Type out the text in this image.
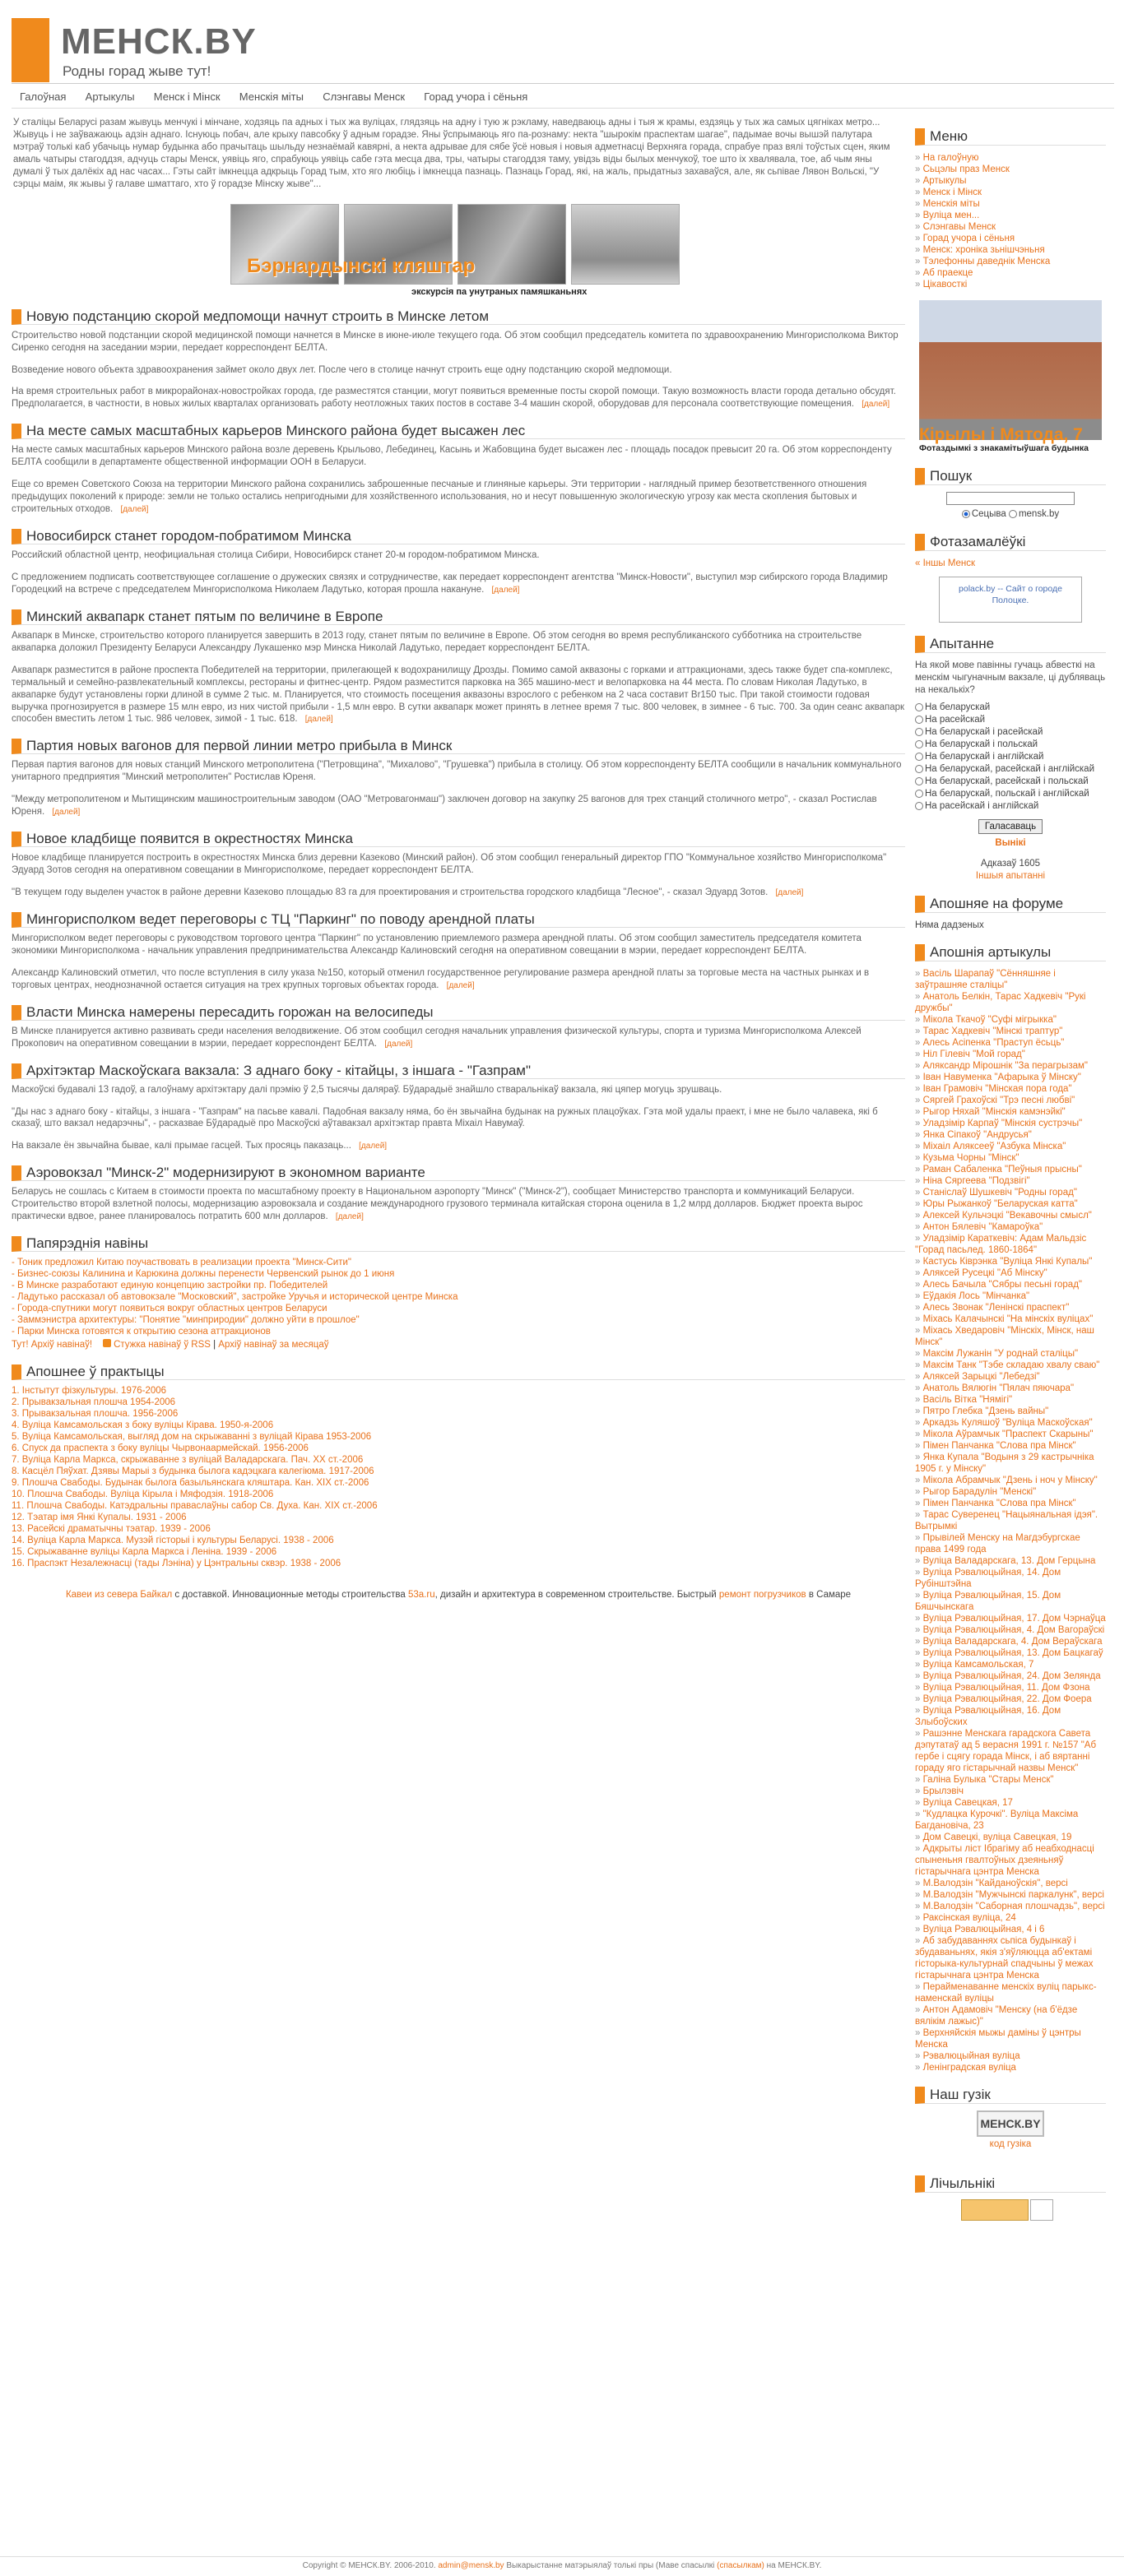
МЕНСК.BY
Родны горад жыве тут!
Галоўная Артыкулы Менск і Мінск Менскія міты Слэнгавы Менск Горад учора і сёньня

У сталіцы Беларусі разам жывуць менчукі і мінчане, ходзяць па адных і тых жа вуліцах, глядзяць на адну і тую ж рэкламу, наведваюць адны і тыя ж крамы, ездзяць у тых жа самых цягніках метро... Жывуць і не заўважаюць адзін аднаго. Існуюць побач, але крыху павсобку ў адным горадзе. Яны ўспрымаюць яго па-рознаму: некта "шырокім праспектам шагае", падымае вочы вышэй палутара мэтраў толькі каб убачыць нумар будынка або прачытаць шыльду незнаёмай кавярні, а некта адрывае для сябе ўсё новыя і новыя адметнасці Верхняга горада, спрабуе праз вялі тоўстых сцен, яким амаль чатыры стагоддзя, адчуць стары Менск, уявіць яго, спрабуюць уявіць сабе гэта месца два, тры, чатыры стагоддзя таму, увідзь віды былых менчукоў, тое што іх хвалявала, тое, аб чым яны думалі ў тых далёкіх ад нас часах... Гэты сайт імкнецца адкрыць Горад тым, хто яго любіць і імкнецца пазнаць. Пазнаць Горад, які, на жаль, прыдатныз захаваўся, але, як сьпівае Лявон Вольскі, "У сэрцы маім, як жывы ў галаве шматтаго, хто ў горадзе Мінску жыве"...

Бэрнардынскі кляштар
экскурсія па унутраных памяшканьнях
Новую подстанцию скорой медпомощи начнут строить в Минске летом

Строительство новой подстанции скорой медицинской помощи начнется в Минске в июне-июле текущего года. Об этом сообщил председатель комитета по здравоохранению Мингорисполкома Виктор Сиренко сегодня на заседании мэрии, передает корреспондент БЕЛТА.

Возведение нового объекта здравоохранения займет около двух лет. После чего в столице начнут строить еще одну подстанцию скорой медпомощи.

На время строительных работ в микрорайонах-новостройках города, где разместятся станции, могут появиться временные посты скорой помощи. Такую возможность власти города детально обсудят. Предполагается, в частности, в новых жилых кварталах организовать работу неотложных таких постов в составе 3-4 машин скорой, оборудовав для персонала соответствующие помещения. [далей]

На месте самых масштабных карьеров Минского района будет высажен лес

На месте самых масштабных карьеров Минского района возле деревень Крыльово, Лебединец, Касынь и Жабовщина будет высажен лес - площадь посадок превысит 20 га. Об этом корреспонденту БЕЛТА сообщили в департаменте общественной информации ООН в Беларуси.

Еще со времен Советского Союза на территории Минского района сохранились заброшенные песчаные и глиняные карьеры. Эти территории - наглядный пример безответственного отношения предыдущих поколений к природе: земли не только остались непригодными для хозяйственного использования, но и несут повышенную экологическую угрозу как места скопления бытовых и строительных отходов. [далей]

Новосибирск станет городом-побратимом Минска

Российский областной центр, неофициальная столица Сибири, Новосибирск станет 20-м городом-побратимом Минска.

С предложением подписать соответствующее соглашение о дружеских связях и сотрудничестве, как передает корреспондент агентства "Минск-Новости", выступил мэр сибирского города Владимир Городецкий на встрече с председателем Мингорисполкома Николаем Ладутько, которая прошла накануне. [далей]

Минский аквапарк станет пятым по величине в Европе

Аквапарк в Минске, строительство которого планируется завершить в 2013 году, станет пятым по величине в Европе. Об этом сегодня во время республиканского субботника на строительстве аквапарка доложил Президенту Беларуси Александру Лукашенко мэр Минска Николай Ладутько, передает корреспондент БЕЛТА.

Аквапарк разместится в районе проспекта Победителей на территории, прилегающей к водохранилищу Дрозды. Помимо самой аквазоны с горками и аттракционами, здесь также будет спа-комплекс, термальный и семейно-развлекательный комплексы, рестораны и фитнес-центр. Рядом разместится парковка на 365 машино-мест и велопарковка на 44 места. По словам Николая Ладутько, в аквапарке будут установлены горки длиной в сумме 2 тыс. м. Планируется, что стоимость посещения аквазоны взрослого с ребенком на 2 часа составит Br150 тыс. При такой стоимости годовая выручка прогнозируется в размере 15 млн евро, из них чистой прибыли - 1,5 млн евро. В сутки аквапарк может принять в летнее время 7 тыс. 800 человек, в зимнее - 6 тыс. 700. За один сеанс аквапарк способен вместить летом 1 тыс. 986 человек, зимой - 1 тыс. 618. [далей]

Партия новых вагонов для первой линии метро прибыла в Минск

Первая партия вагонов для новых станций Минского метрополитена ("Петровщина", "Михалово", "Грушевка") прибыла в столицу. Об этом корреспонденту БЕЛТА сообщили в начальник коммунального унитарного предприятия "Минский метрополитен" Ростислав Юреня.

"Между метрополитеном и Мытищинским машиностроительным заводом (ОАО "Метровагонмаш") заключен договор на закупку 25 вагонов для трех станций столичного метро", - сказал Ростислав Юреня. [далей]

Новое кладбище появится в окрестностях Минска

Новое кладбище планируется построить в окрестностях Минска близ деревни Казеково (Минский район). Об этом сообщил генеральный директор ГПО "Коммунальное хозяйство Мингорисполкома" Эдуард Зотов сегодня на оперативном совещании в Мингорисполкоме, передает корреспондент БЕЛТА.

"В текущем году выделен участок в районе деревни Казеково площадью 83 га для проектирования и строительства городского кладбища "Лесное", - сказал Эдуард Зотов. [далей]

Мингорисполком ведет переговоры с ТЦ "Паркинг" по поводу арендной платы

Мингорисполком ведет переговоры с руководством торгового центра "Паркинг" по установлению приемлемого размера арендной платы. Об этом сообщил заместитель председателя комитета экономики Мингорисполкома - начальник управления предпринимательства Александр Калиновский сегодня на оперативном совещании в мэрии, передает корреспондент БЕЛТА.

Александр Калиновский отметил, что после вступления в силу указа №150, который отменил государственное регулирование размера арендной платы за торговые места на частных рынках и в торговых центрах, неоднозначной остается ситуация на трех крупных торговых объектах города. [далей]

Власти Минска намерены пересадить горожан на велосипеды

В Минске планируется активно развивать среди населения велодвижение. Об этом сообщил сегодня начальник управления физической культуры, спорта и туризма Мингорисполкома Алексей Прокопович на оперативном совещании в мэрии, передает корреспондент БЕЛТА. [далей]

Архітэктар Маскоўскага вакзала: З аднаго боку - кітайцы, з іншага - "Газпрам"

Маскоўскі будавалі 13 гадоў, а галоўнаму архітэктару далі прэмію ў 2,5 тысячы даляраў. Бўдарадыё знайшло стваральнікаў вакзала, які цяпер могуць зрушваць.

"Ды нас з аднаго боку - кітайцы, з іншага - "Газпрам" на пасьве кавалі. Падобная вакзалу няма, бо ён звычайна будынак на ружных плацоўках. Гэта мой удалы праект, і мне не было чалавека, які б сказаў, што вакзал недарэчны", - расказвае Бўдарадыё про Маскоўскі аўтавакзал архітэктар правта Міхаіл Навумаў.

На вакзале ён звычайна бывае, калі прымае гасцей. Тых просяць паказаць... [далей]

Аэровокзал "Минск-2" модернизируют в экономном варианте

Беларусь не сошлась с Китаем в стоимости проекта по масштабному проекту в Национальном аэропорту "Минск" ("Минск-2"), сообщает Министерство транспорта и коммуникаций Беларуси. Строительство второй взлетной полосы, модернизацию аэровокзала и создание международного грузового терминала китайская сторона оценила в 1,2 млрд долларов. Бюджет проекта вырос практически вдвое, ранее планировалось потратить 600 млн долларов. [далей]

Папярэднія навіны
- Тоник предложил Китаю поучаствовать в реализации проекта "Минск-Сити"
- Бизнес-союзы Калинина и Карюкина должны перенести Червенский рынок до 1 июня
- В Минске разработают единую концепцию застройки пр. Победителей
- Ладутько рассказал об автовокзале "Московский", застройке Уручья и исторической центре Минска
- Города-спутники могут появиться вокруг областных центров Беларуси
- Заммэнистра архитектуры: "Понятие "минприродии" должно уйти в прошлое"
- Парки Минска готовятся к открытию сезона аттракционов
Тут! Архіў навінаў! Стужка навінаў ў RSS | Архіў навінаў за месяцаў
Апошнее ў практыцы
1. Інстытут фізкультуры. 1976-2006
2. Прывакзальная плошча 1954-2006
3. Прывакзальная плошча. 1956-2006
4. Вуліца Камсамольская з боку вуліцы Кірава. 1950-я-2006
5. Вуліца Камсамольская, выгляд дом на скрыжаванні з вуліцай Кірава 1953-2006
6. Спуск да праспекта з боку вуліцы Чырвонаармейскай. 1956-2006
7. Вуліца Карла Маркса, скрыжаванне з вуліцай Валадарскага. Пач. ХХ ст.-2006
8. Касцёл Пяўхат. Дзявы Марыі з будынка былога кадэцкага калегіюма. 1917-2006
9. Плошча Свабоды. Будынак былога базыльянскага кляштара. Кан. XIX ст.-2006
10. Плошча Свабоды. Вуліца Кірыла і Мяфодзія. 1918-2006
11. Плошча Свабоды. Катэдральны праваслаўны сабор Св. Духа. Кан. XIX ст.-2006
12. Тэатар імя Янкі Купалы. 1931 - 2006
13. Расейскі драматычны тэатар. 1939 - 2006
14. Вуліца Карла Маркса. Музэй гісторыі і культуры Беларусі. 1938 - 2006
15. Скрыжаванне вуліцы Карла Маркса і Леніна. 1939 - 2006
16. Праспэкт Незалежнасці (тады Лэніна) у Цэнтральны сквэр. 1938 - 2006
Кавеи из севера Байкал с доставкой. Инновационные методы строительства 53a.ru, дизайн и архитектура в современном строительстве. Быстрый ремонт погрузчиков в Самаре
Меню
» На галоўную
» Сьцэлы праз Менск
» Артыкулы
» Менск і Мінск
» Менскія міты
» Вуліца мен...
» Слэнгавы Менск
» Горад учора і сёньня
» Менск: хроніка зьнішчэньня
» Тэлефонны даведнік Менска
» Аб праекце
» Цікавосткі
Кірылы і Мятода, 7
Фотаздымкі з знакамітыўшага будынка
Пошук
Сецыва mensk.by
Фотазамалёўкі
« Іншы Менск
polack.by -- Сайт о городе Полоцке.
Апытанне
На якой мове павінны гучаць абвесткі на менскім чыгуначным вакзале, ці дубляваць на некалькіх?
На беларускай
На расейскай
На беларускай і расейскай
На беларускай і польскай
На беларускай і англійскай
На беларускай, расейскай і англійскай
На беларускай, расейскай і польскай
На беларускай, польскай і англійскай
На расейскай і англійскай
Галасаваць
Вынікі
Адказаў 1605
Іншыя апытанні
Апошняе на форуме
Няма дадзеных
Апошнія артыкулы
» Васіль Шарапаў "Сённяшняе і заўтрашняе сталіцы"
» Анатоль Белкін, Тарас Хадкевіч "Рукі дружбы"
» Мікола Ткачоў "Суфі мігрыкка"
» Тарас Хадкевіч "Мінскі траптур"
» Алесь Асіпенка "Праступ ёсьць"
» Ніл Гілевіч "Мой горад"
» Аляксандр Мірошнік "За перагрызам"
» Іван Навуменка "Афарыка ў Мінску"
» Іван Грамовіч "Мінская пора года"
» Сяргей Грахоўскі "Трэ песні любві"
» Рыгор Няхай "Мінскія камэнэйкі"
» Уладзімір Карпаў "Мінскія сустрэчы"
» Янка Сіпакоў "Андрусья"
» Міхаіл Аляксееў "Азбука Мінска"
» Кузьма Чорны "Мінск"
» Раман Сабаленка "Пеўныя прысны"
» Ніна Сяргеева "Подзвігі"
» Станіслаў Шушкевіч "Родны горад"
» Юры Рыжанкоў "Беларуская катта"
» Алексей Кульчэцкі "Векавочны смысл"
» Антон Бялевіч "Камароўка"
» Уладзімір Караткевіч: Адам Мальдзіс "Горад пасьлед. 1860-1864"
» Кастусь Ківрэнка "Вуліца Янкі Купалы"
» Аляксей Русецкі "Аб Мінску"
» Алесь Бачыла "Сябры песьні горад"
» Еўдакія Лось "Мінчанка"
» Алесь Звонак "Ленінскі праспект"
» Міхась Калачынскі "На мінскіх вуліцах"
» Міхась Хведаровіч "Мінскіх, Мінск, наш Мінск"
» Максім Лужанін "У роднай сталіцы"
» Максім Танк "Тэбе складаю хвалу сваю"
» Аляксей Зарыцкі "Лебедзі"
» Анатоль Вялюгін "Пялач пяючара"
» Васіль Вітка "Нямігі"
» Пятро Глебка "Дзень вайны"
» Аркадзь Куляшоў "Вуліца Маскоўская"
» Мікола Аўрамчык "Праспект Скарыны"
» Пімен Панчанка "Слова пра Мінск"
» Янка Купала "Водыня з 29 кастрычніка 1905 г. у Мінску"
» Мікола Абрамчык "Дзень і ноч у Мінску"
» Рыгор Барадулін "Менскі"
» Пімен Панчанка "Слова пра Мінск"
» Тарас Суверенец "Нацыянальная ідэя". Вытрымкі
» Прывілей Менску на Магдэбургскае права 1499 года
» Вуліца Валадарскага, 13. Дом Герцына
» Вуліца Рэвалюцыйная, 14. Дом Рубінштэйна
» Вуліца Рэвалюцыйная, 15. Дом Бяшчынскага
» Вуліца Рэвалюцыйная, 17. Дом Чэрнаўца
» Вуліца Рэвалюцыйная, 4. Дом Вагораўскі
» Вуліца Валадарскага, 4. Дом Вераўскага
» Вуліца Рэвалюцыйная, 13. Дом Бацкагаў
» Вуліца Камсамольская, 7
» Вуліца Рэвалюцыйная, 24. Дом Зелянда
» Вуліца Рэвалюцыйная, 11. Дом Фзона
» Вуліца Рэвалюцыйная, 22. Дом Фоера
» Вуліца Рэвалюцыйная, 16. Дом Злыбоўских
» Рашэнне Менскага гарадскога Савета дэпутатаў ад 5 верасня 1991 г. №157 "Аб гербе і сцягу горада Мінск, і аб вяртанні гораду яго гістарычнай назвы Менск"
» Галіна Булыка "Стары Менск"
» Брылэвіч
» Вуліца Савецкая, 17
» "Кудлацка Курочкі". Вуліца Максіма Багдановіча, 23
» Дом Савецкі, вуліца Савецкая, 19
» Адкрыты ліст Ібрагіму аб неабходнасці спыненьня гвалтоўных дзеяньняў гістарычнага цэнтра Менска
» М.Валодзін "Кайданоўскія", версі
» М.Валодзін "Мужчынскі паркалунк", версі
» М.Валодзін "Саборная плошчадзь", версі
» Раксінская вуліца, 24
» Вуліца Рэвалюцыйная, 4 і 6
» Аб забудаваннях сьпіса будынкаў і збудаваньнях, якія з'яўляюцца аб'ектамі гісторыка-культурнай спадчыны ў межах гістарычнага цэнтра Менска
» Перайменаванне менскіх вуліц парыкс-наменскай вуліцы
» Антон Адамовіч "Менску (на б'ёдзе вялікім лажыс)"
» Верхняйскія мыжы даміны ў цэнтры Менска
» Рэвалюцыйная вуліца
» Ленінградская вуліца
Наш гузік
МЕНСК.BY
код гузіка
Лічыльнікі
Copyright © МЕНСК.BY. 2006-2010. admin@mensk.by Выкарыстанне матэрыялаў толькі пры (Маве спасылкі (спасылкам) на МЕНСК.BY.
